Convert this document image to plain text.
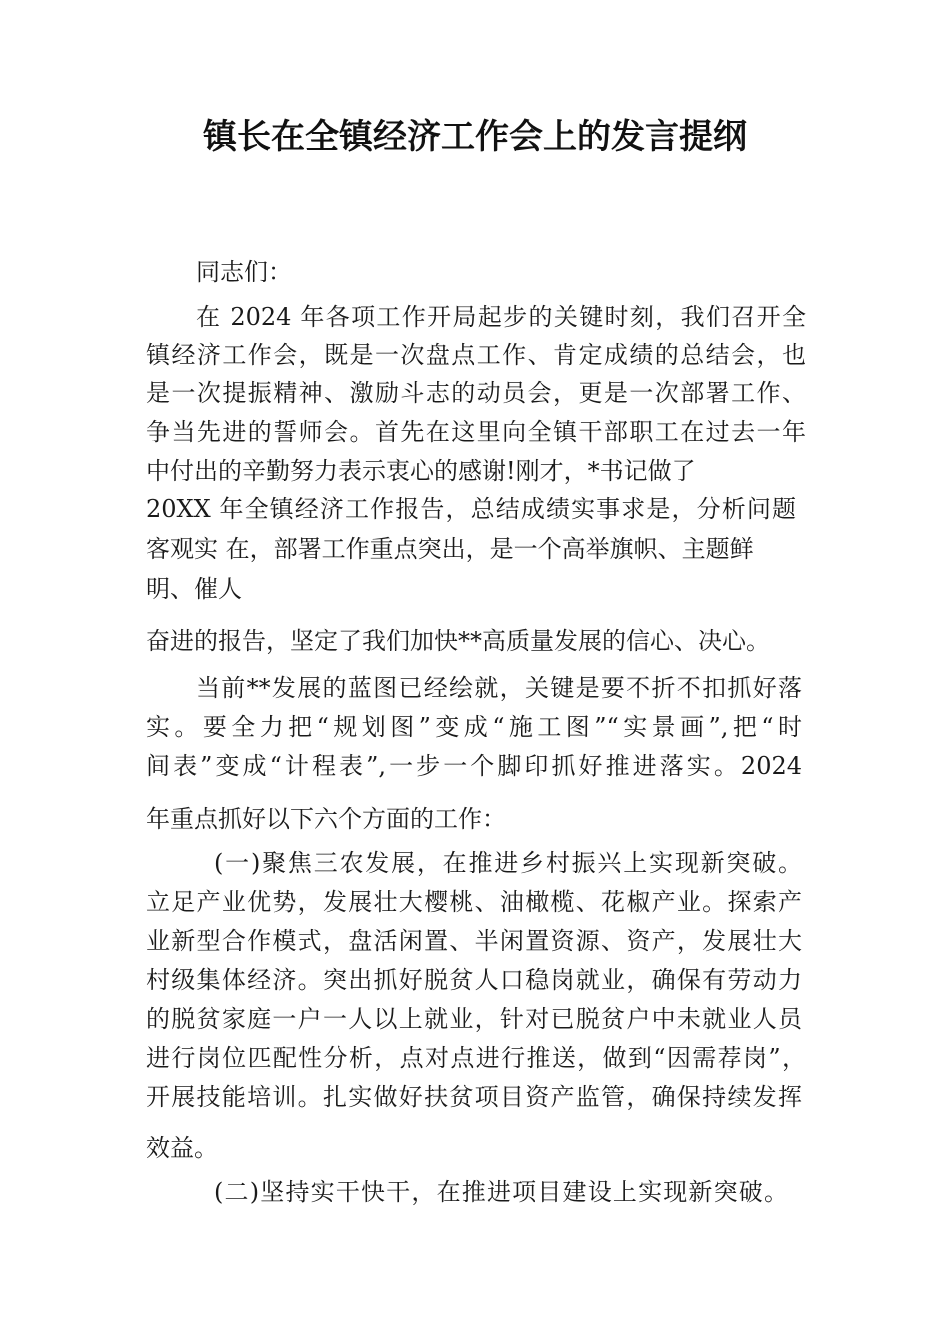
镇长在全镇经济工作会上的发言提纲
同志们：
在 2024 年各项工作开局起步的关键时刻，我们召开全
镇经济工作会，既是一次盘点工作、肯定成绩的总结会，也
是一次提振精神、激励斗志的动员会，更是一次部署工作、
争当先进的誓师会。首先在这里向全镇干部职工在过去一年
中付出的辛勤努力表示衷心的感谢!刚才，*书记做了
20XX 年全镇经济工作报告，总结成绩实事求是，分析问题
客观实 在，部署工作重点突出，是一个高举旗帜、主题鲜
明、催人
奋进的报告，坚定了我们加快**高质量发展的信心、决心。
当前**发展的蓝图已经绘就，关键是要不折不扣抓好落
实。要全力把“规划图”变成“施工图”“实景画”,把“时
间表”变成“计程表”,一步一个脚印抓好推进落实。2024
年重点抓好以下六个方面的工作：
(一)聚焦三农发展，在推进乡村振兴上实现新突破。
立足产业优势，发展壮大樱桃、油橄榄、花椒产业。探索产
业新型合作模式，盘活闲置、半闲置资源、资产，发展壮大
村级集体经济。突出抓好脱贫人口稳岗就业，确保有劳动力
的脱贫家庭一户一人以上就业，针对已脱贫户中未就业人员
进行岗位匹配性分析，点对点进行推送，做到“因需荐岗”，
开展技能培训。扎实做好扶贫项目资产监管，确保持续发挥
效益。
(二)坚持实干快干，在推进项目建设上实现新突破。
